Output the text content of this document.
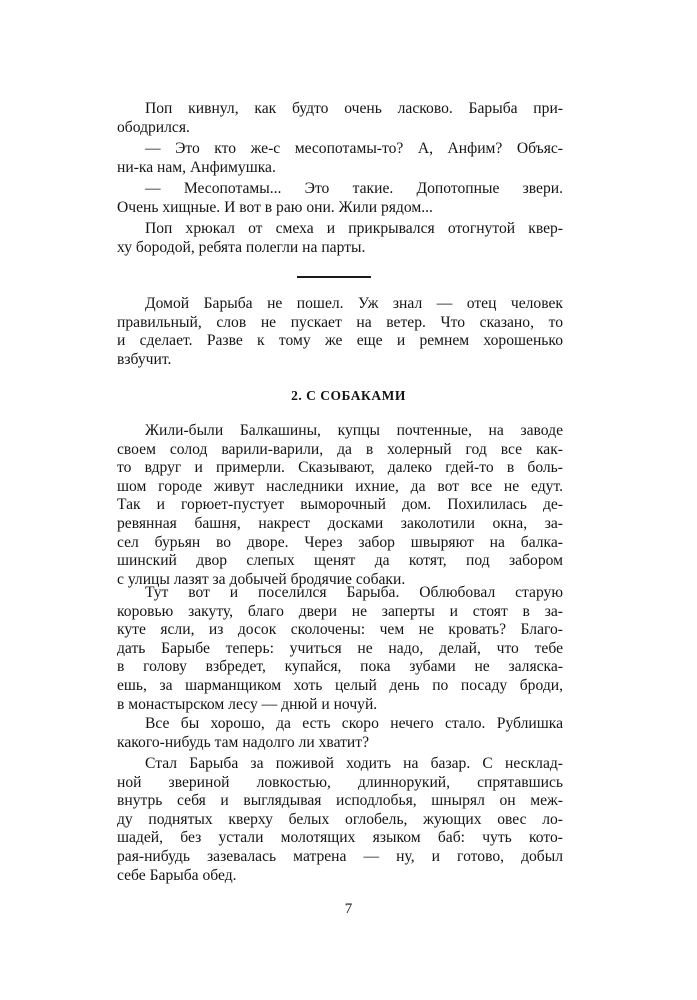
Поп кивнул, как будто очень ласково. Барыба при-
ободрился.
— Это кто же-с месопотамы-то? А, Анфим? Объяс-
ни-ка нам, Анфимушка.
— Месопотамы... Это такие. Допотопные звери.
Очень хищные. И вот в раю они. Жили рядом...
Поп хрюкал от смеха и прикрывался отогнутой квер-
ху бородой, ребята полегли на парты.
Домой Барыба не пошел. Уж знал — отец человек
правильный, слов не пускает на ветер. Что сказано, то
и сделает. Разве к тому же еще и ремнем хорошенько
взбучит.
Жили-были Балкашины, купцы почтенные, на заводе
своем солод варили-варили, да в холерный год все как-
то вдруг и примерли. Сказывают, далеко гдей-то в боль-
шом городе живут наследники ихние, да вот все не едут.
Так и горюет-пустует выморочный дом. Похилилась де-
ревянная башня, накрест досками заколотили окна, за-
сел бурьян во дворе. Через забор швыряют на балка-
шинский двор слепых щенят да котят, под забором
с улицы лазят за добычей бродячие собаки.
Тут вот и поселился Барыба. Облюбовал старую
коровью закуту, благо двери не заперты и стоят в за-
куте ясли, из досок сколочены: чем не кровать? Благо-
дать Барыбе теперь: учиться не надо, делай, что тебе
в голову взбредет, купайся, пока зубами не заляска-
ешь, за шарманщиком хоть целый день по посаду броди,
в монастырском лесу — днюй и ночуй.
Все бы хорошо, да есть скоро нечего стало. Рублишка
какого-нибудь там надолго ли хватит?
Стал Барыба за поживой ходить на базар. С несклад-
ной звериной ловкостью, длиннорукий, спрятавшись
внутрь себя и выглядывая исподлобья, шнырял он меж-
ду поднятых кверху белых оглобель, жующих овес ло-
шадей, без устали молотящих языком баб: чуть кото-
рая-нибудь зазевалась матрена — ну, и готово, добыл
себе Барыба обед.
2. С СОБАКАМИ
7
